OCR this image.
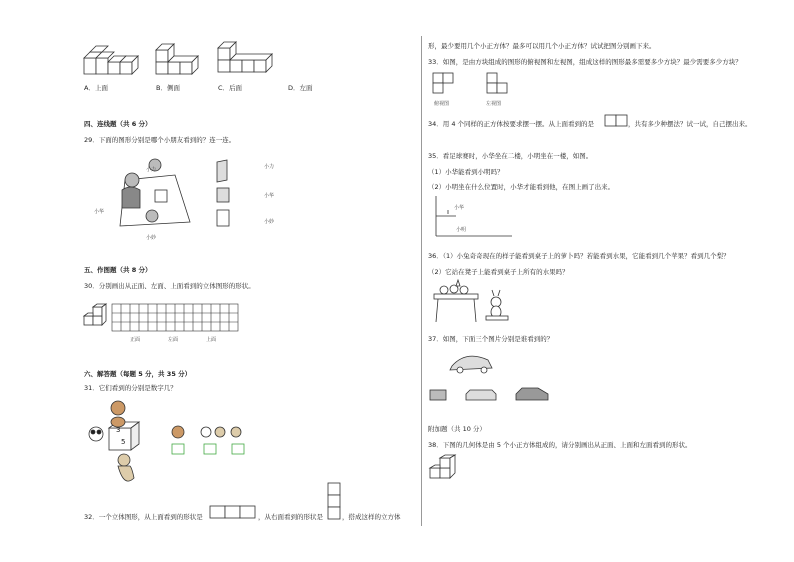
A．上面	B．侧面	C．后面	D．左面
四、连线题（共 6 分）
29．下面的图形分别是哪个小朋友看到的？连一连。
小力
小华
小妙
小力
小华
小妙
五、作图题（共 8 分）
30．分别画出从正面、左面、上面看到的立体图形的形状。
正面	左面	上面
六、解答题（每题 5 分，共 35 分）
31．它们看到的分别是数字几？
3
5
32．一个立体图形，从上面看到的形状是	，从右面看到的形状是	，搭成这样的立方体
形，最少要用几个小正方体？最多可以用几个小正方体？试试把图分别画下来。
33．如图，是由方块组成的图形的俯视图和左视图，组成这样的图形最多需要多少方块？最少需要多少方块？
俯视图	左视图
34．用 4 个同样的正方体按要求摆一摆。从上面看到的是	，共有多少种摆法？试一试，自己摆出来。
35．看足球赛时，小华坐在二楼，小明坐在一楼，如图。
（1）小华能看到小明吗？
（2）小明坐在什么位置时，小华才能看到他，在图上画了出来。
小华
小明
36．（1）小兔奇奇现在的样子能看到桌子上的萝卜吗？若能看到水果，它能看到几个苹果？看到几个梨？
（2）它站在凳子上能看到桌子上所有的水果吗？
37．如图，下面三个图片分别是谁看到的？
附加题（共 10 分）
38．下图的几何体是由 5 个小正方体组成的，请分别画出从正面、上面和左面看到的形状。
